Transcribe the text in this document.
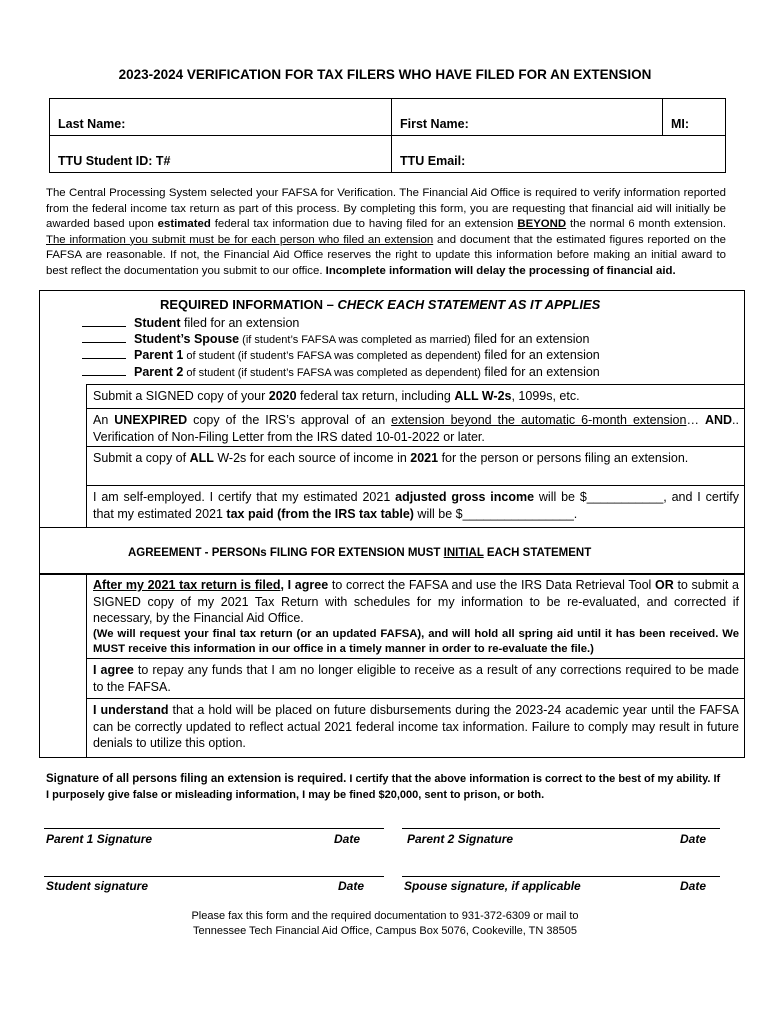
2023-2024 VERIFICATION FOR TAX FILERS WHO HAVE FILED FOR AN EXTENSION
Last Name:	First Name:	MI:
TTU Student ID: T#	TTU Email:	
The Central Processing System selected your FAFSA for Verification. The Financial Aid Office is required to verify information reported from the federal income tax return as part of this process. By completing this form, you are requesting that financial aid will initially be awarded based upon estimated federal tax information due to having filed for an extension BEYOND the normal 6 month extension. The information you submit must be for each person who filed an extension and document that the estimated figures reported on the FAFSA are reasonable. If not, the Financial Aid Office reserves the right to update this information before making an initial award to best reflect the documentation you submit to our office. Incomplete information will delay the processing of financial aid.
REQUIRED INFORMATION – CHECK EACH STATEMENT AS IT APPLIES
Student filed for an extension
Student’s Spouse (if student’s FAFSA was completed as married) filed for an extension
Parent 1 of student (if student’s FAFSA was completed as dependent) filed for an extension
Parent 2 of student (if student’s FAFSA was completed as dependent) filed for an extension
Submit a SIGNED copy of your 2020 federal tax return, including ALL W-2s, 1099s, etc.
An UNEXPIRED copy of the IRS’s approval of an extension beyond the automatic 6-month extension… AND.. Verification of Non-Filing Letter from the IRS dated 10-01-2022 or later.
Submit a copy of ALL W-2s for each source of income in 2021 for the person or persons filing an extension.
I am self-employed. I certify that my estimated 2021 adjusted gross income will be $___________, and I certify that my estimated 2021 tax paid (from the IRS tax table) will be $________________.
AGREEMENT - PERSONs FILING FOR EXTENSION MUST INITIAL EACH STATEMENT
After my 2021 tax return is filed, I agree to correct the FAFSA and use the IRS Data Retrieval Tool OR to submit a SIGNED copy of my 2021 Tax Return with schedules for my information to be re-evaluated, and corrected if necessary, by the Financial Aid Office.
(We will request your final tax return (or an updated FAFSA), and will hold all spring aid until it has been received. We MUST receive this information in our office in a timely manner in order to re-evaluate the file.)
I agree to repay any funds that I am no longer eligible to receive as a result of any corrections required to be made to the FAFSA.
I understand that a hold will be placed on future disbursements during the 2023-24 academic year until the FAFSA can be correctly updated to reflect actual 2021 federal income tax information. Failure to comply may result in future denials to utilize this option.
Signature of all persons filing an extension is required. I certify that the above information is correct to the best of my ability. If I purposely give false or misleading information, I may be fined $20,000, sent to prison, or both.
Parent 1 Signature	Date	Parent 2 Signature	Date
Student signature	Date	Spouse signature, if applicable	Date
Please fax this form and the required documentation to 931-372-6309 or mail to
Tennessee Tech Financial Aid Office, Campus Box 5076, Cookeville, TN 38505
